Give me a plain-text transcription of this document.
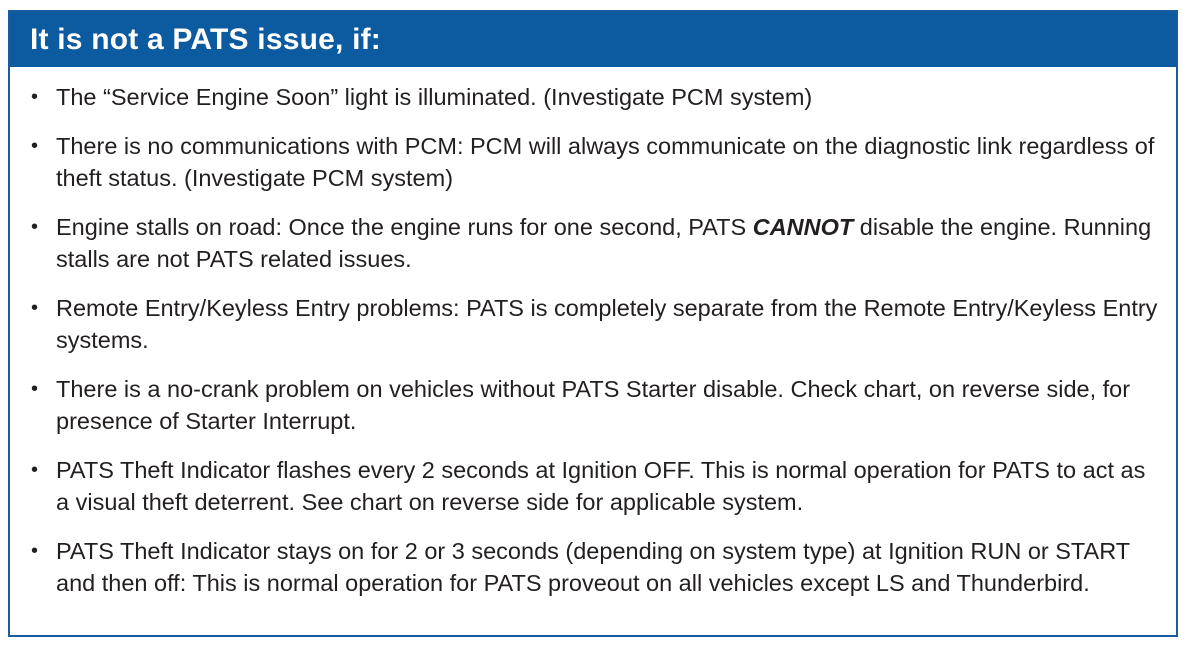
It is not a PATS issue, if:
• The “Service Engine Soon” light is illuminated. (Investigate PCM system)
• There is no communications with PCM: PCM will always communicate on the diagnostic link regardless of theft status. (Investigate PCM system)
• Engine stalls on road: Once the engine runs for one second, PATS CANNOT disable the engine. Running stalls are not PATS related issues.
• Remote Entry/Keyless Entry problems: PATS is completely separate from the Remote Entry/Keyless Entry systems.
• There is a no-crank problem on vehicles without PATS Starter disable. Check chart, on reverse side, for presence of Starter Interrupt.
• PATS Theft Indicator flashes every 2 seconds at Ignition OFF. This is normal operation for PATS to act as a visual theft deterrent. See chart on reverse side for applicable system.
• PATS Theft Indicator stays on for 2 or 3 seconds (depending on system type) at Ignition RUN or START and then off: This is normal operation for PATS proveout on all vehicles except LS and Thunderbird.
